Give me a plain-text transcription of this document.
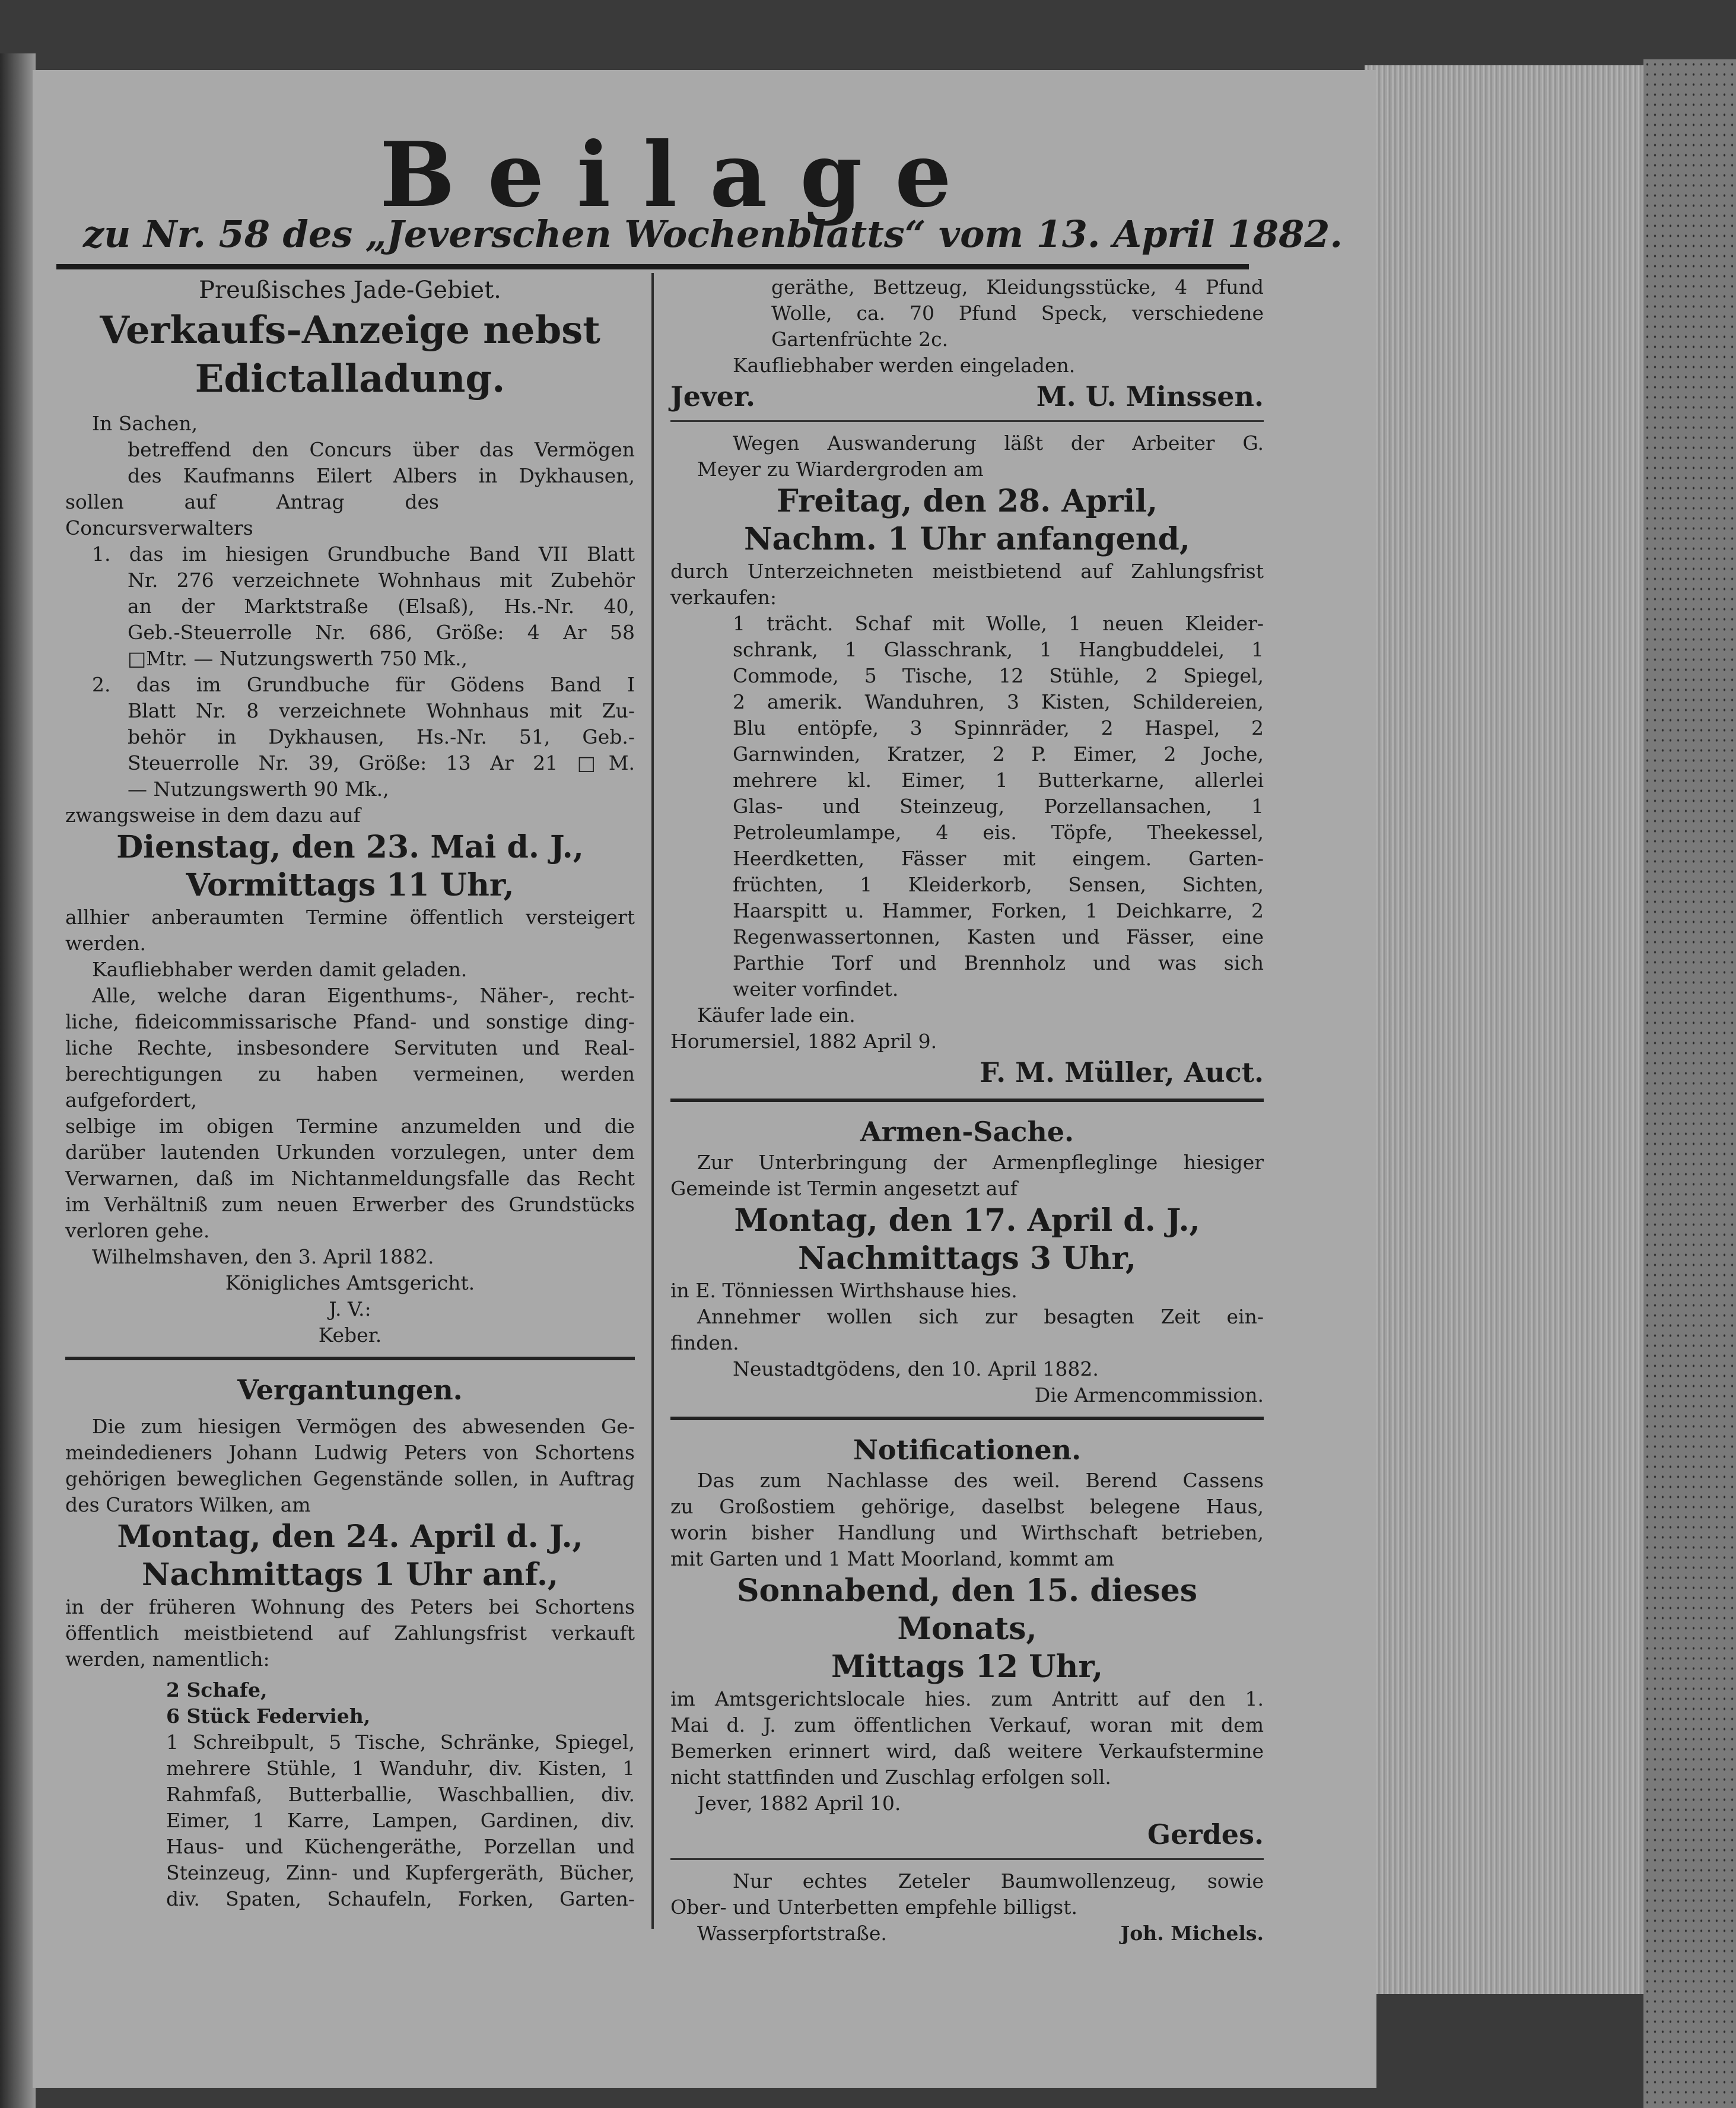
Beilage
zu Nr. 58 des „Jeverschen Wochenblatts“ vom 13. April 1882.

Preußisches Jade-Gebiet.

Verkaufs-Anzeige nebst

Edictalladung.

In Sachen,

betreffend den Concurs über das Vermögen

des Kaufmanns Eilert Albers in Dykhausen,

sollen auf Antrag des Concursverwalters

1. das im hiesigen Grundbuche Band VII Blatt

Nr. 276 verzeichnete Wohnhaus mit Zubehör

an der Marktstraße (Elsaß), Hs.-Nr. 40,

Geb.-Steuerrolle Nr. 686, Größe: 4 Ar 58

□Mtr. — Nutzungswerth 750 Mk.,

2. das im Grundbuche für Gödens Band I

Blatt Nr. 8 verzeichnete Wohnhaus mit Zu-

behör in Dykhausen, Hs.-Nr. 51, Geb.-

Steuerrolle Nr. 39, Größe: 13 Ar 21 □M.

— Nutzungswerth 90 Mk.,

zwangsweise in dem dazu auf

Dienstag, den 23. Mai d. J.,

Vormittags 11 Uhr,

allhier anberaumten Termine öffentlich versteigert

werden.

Kaufliebhaber werden damit geladen.

Alle, welche daran Eigenthums-, Näher-, recht-

liche, fideicommissarische Pfand- und sonstige ding-

liche Rechte, insbesondere Servituten und Real-

berechtigungen zu haben vermeinen, werden aufgefordert,

selbige im obigen Termine anzumelden und die

darüber lautenden Urkunden vorzulegen, unter dem

Verwarnen, daß im Nichtanmeldungsfalle das Recht

im Verhältniß zum neuen Erwerber des Grundstücks

verloren gehe.

Wilhelmshaven, den 3. April 1882.

Königliches Amtsgericht.

J. V.:

Keber.

Vergantungen.

Die zum hiesigen Vermögen des abwesenden Ge-

meindedieners Johann Ludwig Peters von Schortens

gehörigen beweglichen Gegenstände sollen, in Auftrag

des Curators Wilken, am

Montag, den 24. April d. J.,

Nachmittags 1 Uhr anf.,

in der früheren Wohnung des Peters bei Schortens

öffentlich meistbietend auf Zahlungsfrist verkauft

werden, namentlich:

2 Schafe,

6 Stück Federvieh,

1 Schreibpult, 5 Tische, Schränke, Spiegel,

mehrere Stühle, 1 Wanduhr, div. Kisten, 1

Rahmfaß, Butterballie, Waschballien, div.

Eimer, 1 Karre, Lampen, Gardinen, div.

Haus- und Küchengeräthe, Porzellan und

Steinzeug, Zinn- und Kupfergeräth, Bücher,

div. Spaten, Schaufeln, Forken, Garten-

geräthe, Bettzeug, Kleidungsstücke, 4 Pfund

Wolle, ca. 70 Pfund Speck, verschiedene

Gartenfrüchte 2c.

Kaufliebhaber werden eingeladen.

Jever.	M. U. Minssen.

Wegen Auswanderung läßt der Arbeiter G.

Meyer zu Wiardergroden am

Freitag, den 28. April,

Nachm. 1 Uhr anfangend,

durch Unterzeichneten meistbietend auf Zahlungsfrist

verkaufen:

1 trächt. Schaf mit Wolle, 1 neuen Kleider-

schrank, 1 Glasschrank, 1 Hangbuddelei, 1

Commode, 5 Tische, 12 Stühle, 2 Spiegel,

2 amerik. Wanduhren, 3 Kisten, Schildereien,

Blu entöpfe, 3 Spinnräder, 2 Haspel, 2

Garnwinden, Kratzer, 2 P. Eimer, 2 Joche,

mehrere kl. Eimer, 1 Butterkarne, allerlei

Glas- und Steinzeug, Porzellansachen, 1

Petroleumlampe, 4 eis. Töpfe, Theekessel,

Heerdketten, Fässer mit eingem. Garten-

früchten, 1 Kleiderkorb, Sensen, Sichten,

Haarspitt u. Hammer, Forken, 1 Deichkarre, 2

Regenwassertonnen, Kasten und Fässer, eine

Parthie Torf und Brennholz und was sich

weiter vorfindet.

Käufer lade ein.

Horumersiel, 1882 April 9.

F. M. Müller, Auct.

Armen-Sache.

Zur Unterbringung der Armenpfleglinge hiesiger

Gemeinde ist Termin angesetzt auf

Montag, den 17. April d. J.,

Nachmittags 3 Uhr,

in E. Tönniessen Wirthshause hies.

Annehmer wollen sich zur besagten Zeit ein-

finden.

Neustadtgödens, den 10. April 1882.

Die Armencommission.

Notificationen.

Das zum Nachlasse des weil. Berend Cassens

zu Großostiem gehörige, daselbst belegene Haus,

worin bisher Handlung und Wirthschaft betrieben,

mit Garten und 1 Matt Moorland, kommt am

Sonnabend, den 15. dieses Monats,

Mittags 12 Uhr,

im Amtsgerichtslocale hies. zum Antritt auf den 1.

Mai d. J. zum öffentlichen Verkauf, woran mit dem

Bemerken erinnert wird, daß weitere Verkaufstermine

nicht stattfinden und Zuschlag erfolgen soll.

Jever, 1882 April 10.

Gerdes.

Nur echtes Zeteler Baumwollenzeug, sowie

Ober- und Unterbetten empfehle billigst.

Wasserpfortstraße.	Joh. Michels.
